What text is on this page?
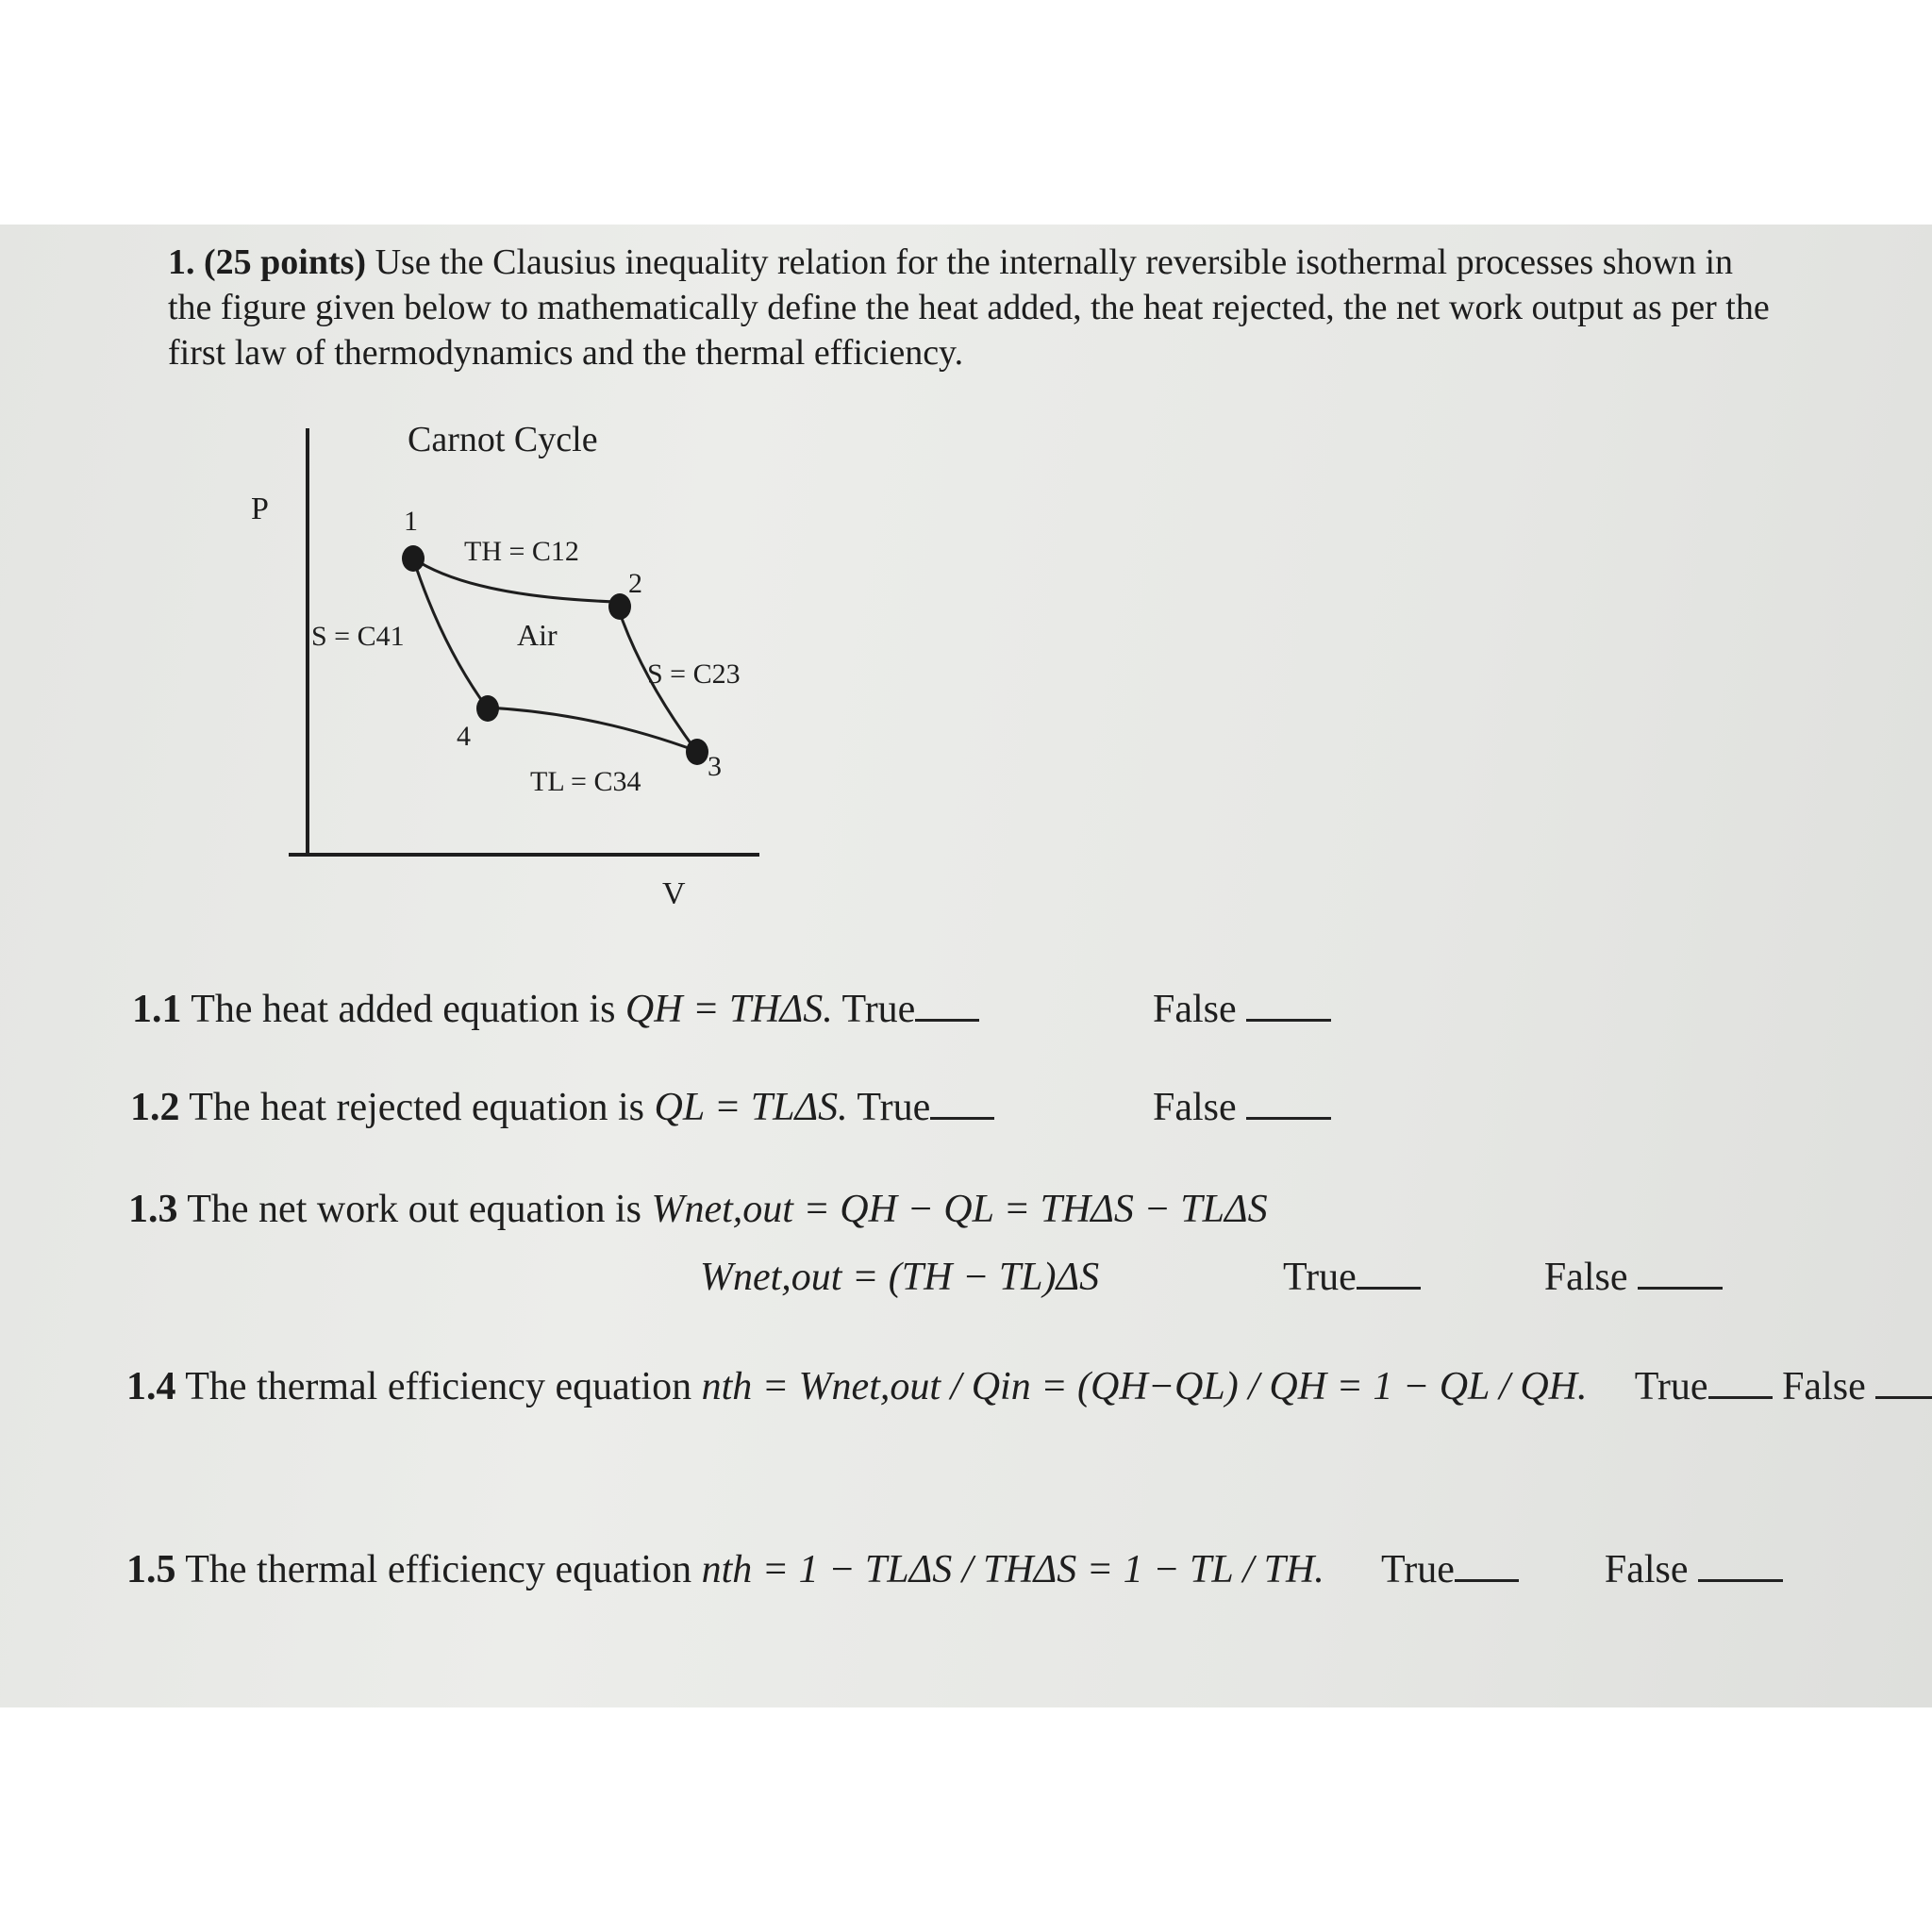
1. (25 points) Use the Clausius inequality relation for the internally reversible isothermal processes shown in the figure given below to mathematically define the heat added, the heat rejected, the net work output as per the first law of thermodynamics and the thermal efficiency.
Carnot Cycle
P
V
1
2
3
4
TH = C12
Air
S = C41
S = C23
TL = C34
1.1 The heat added equation is QH = THΔS. True	False
1.2 The heat rejected equation is QL = TLΔS. True	False
1.3 The net work out equation is Wnet,out = QH − QL = THΔS − TLΔS
Wnet,out = (TH − TL)ΔS	True	False
1.4 The thermal efficiency equation nth = Wnet,out / Qin = (QH−QL) / QH = 1 − QL / QH. True False
1.5 The thermal efficiency equation nth = 1 − TLΔS / THΔS = 1 − TL / TH. True	False
